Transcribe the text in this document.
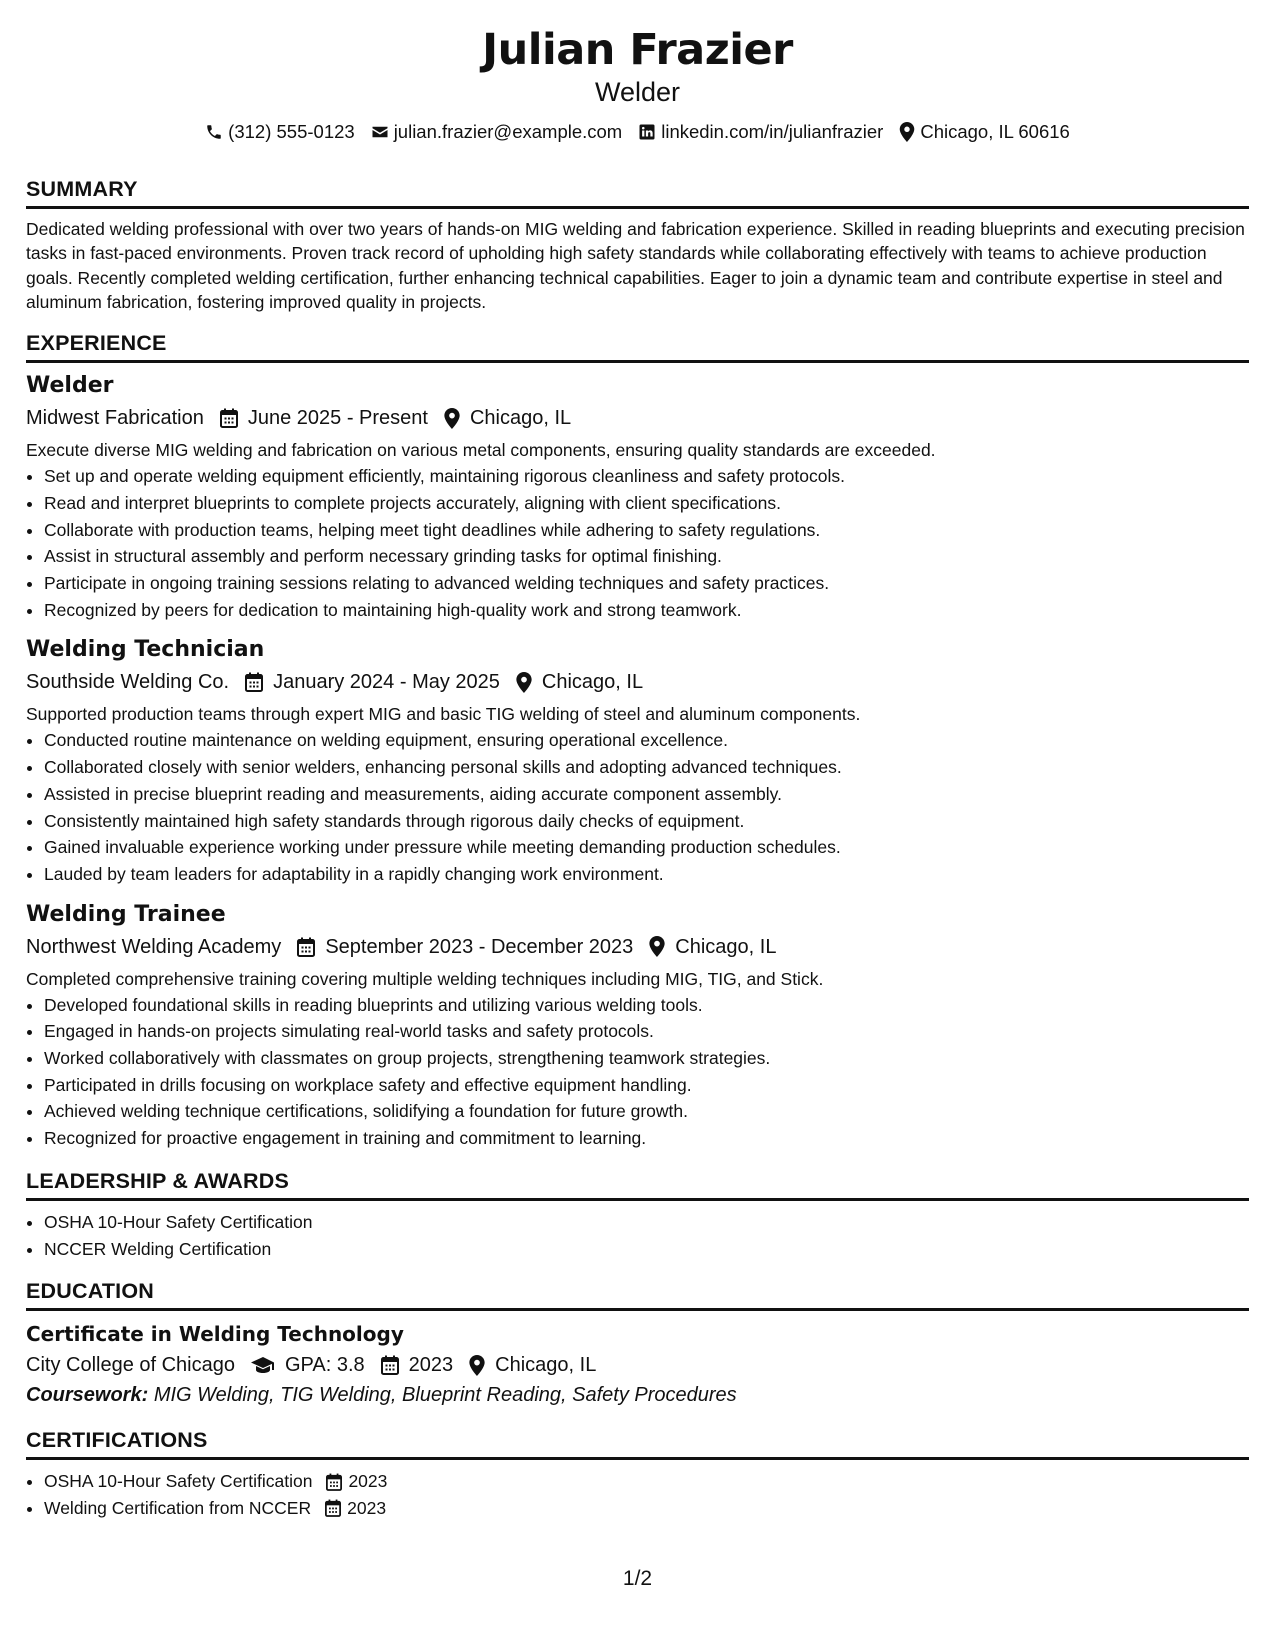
Julian Frazier
Welder
(312) 555-0123 julian.frazier@example.com linkedin.com/in/julianfrazier Chicago, IL 60616
SUMMARY
Dedicated welding professional with over two years of hands-on MIG welding and fabrication experience. Skilled in reading blueprints and executing precision tasks in fast-paced environments. Proven track record of upholding high safety standards while collaborating effectively with teams to achieve production goals. Recently completed welding certification, further enhancing technical capabilities. Eager to join a dynamic team and contribute expertise in steel and aluminum fabrication, fostering improved quality in projects.
EXPERIENCE
Welder
Midwest Fabrication June 2025 - Present Chicago, IL
Execute diverse MIG welding and fabrication on various metal components, ensuring quality standards are exceeded.
• Set up and operate welding equipment efficiently, maintaining rigorous cleanliness and safety protocols.
• Read and interpret blueprints to complete projects accurately, aligning with client specifications.
• Collaborate with production teams, helping meet tight deadlines while adhering to safety regulations.
• Assist in structural assembly and perform necessary grinding tasks for optimal finishing.
• Participate in ongoing training sessions relating to advanced welding techniques and safety practices.
• Recognized by peers for dedication to maintaining high-quality work and strong teamwork.
Welding Technician
Southside Welding Co. January 2024 - May 2025 Chicago, IL
Supported production teams through expert MIG and basic TIG welding of steel and aluminum components.
• Conducted routine maintenance on welding equipment, ensuring operational excellence.
• Collaborated closely with senior welders, enhancing personal skills and adopting advanced techniques.
• Assisted in precise blueprint reading and measurements, aiding accurate component assembly.
• Consistently maintained high safety standards through rigorous daily checks of equipment.
• Gained invaluable experience working under pressure while meeting demanding production schedules.
• Lauded by team leaders for adaptability in a rapidly changing work environment.
Welding Trainee
Northwest Welding Academy September 2023 - December 2023 Chicago, IL
Completed comprehensive training covering multiple welding techniques including MIG, TIG, and Stick.
• Developed foundational skills in reading blueprints and utilizing various welding tools.
• Engaged in hands-on projects simulating real-world tasks and safety protocols.
• Worked collaboratively with classmates on group projects, strengthening teamwork strategies.
• Participated in drills focusing on workplace safety and effective equipment handling.
• Achieved welding technique certifications, solidifying a foundation for future growth.
• Recognized for proactive engagement in training and commitment to learning.
LEADERSHIP & AWARDS
• OSHA 10-Hour Safety Certification
• NCCER Welding Certification
EDUCATION
Certificate in Welding Technology
City College of Chicago	GPA: 3.8 2023 Chicago, IL
Coursework: MIG Welding, TIG Welding, Blueprint Reading, Safety Procedures
CERTIFICATIONS
• OSHA 10-Hour Safety Certification 2023
• Welding Certification from NCCER 2023
1/2
